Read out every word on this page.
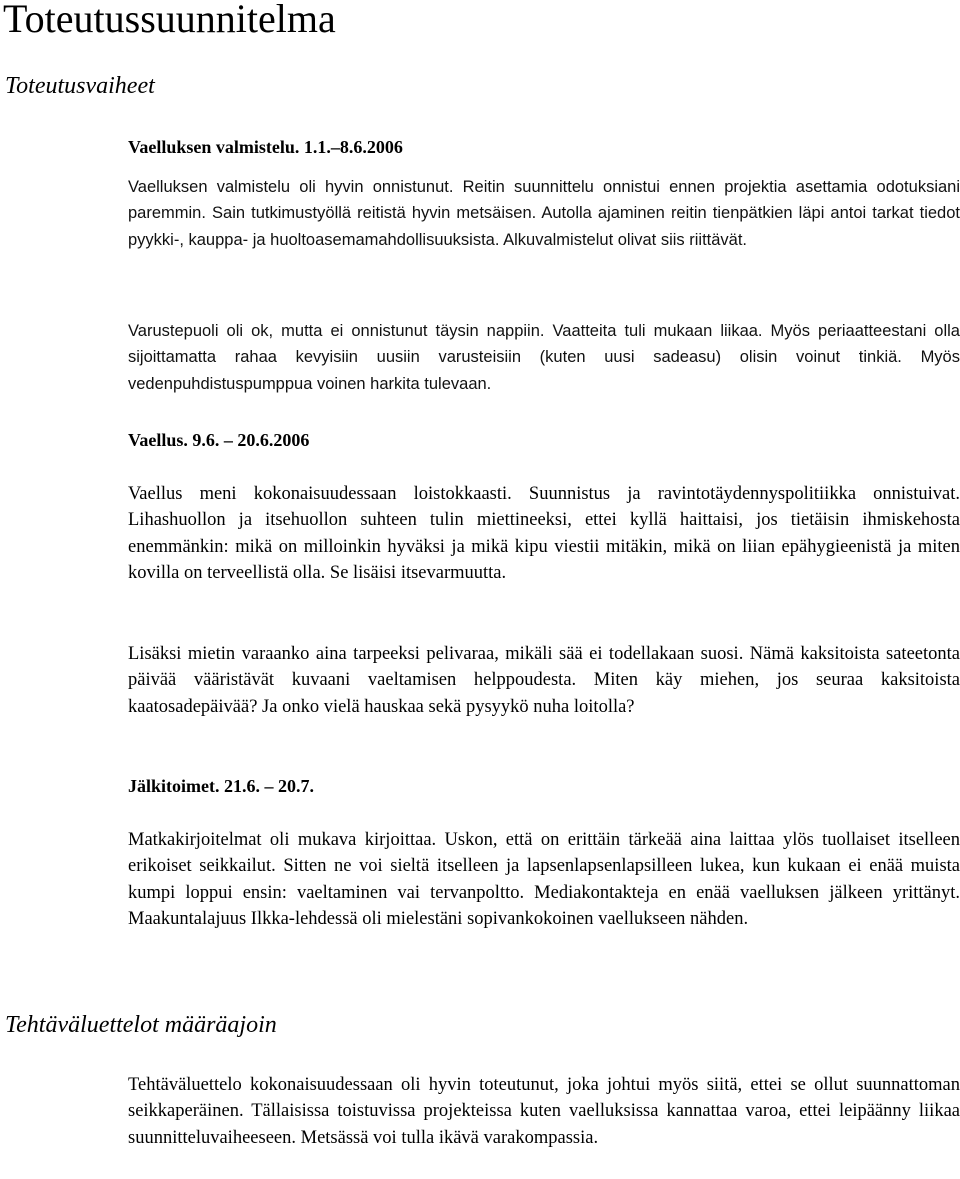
Toteutussuunnitelma
Toteutusvaiheet
Vaelluksen valmistelu. 1.1.–8.6.2006

Vaelluksen valmistelu oli hyvin onnistunut. Reitin suunnittelu onnistui ennen projektia asettamia odotuksiani paremmin. Sain tutkimustyöllä reitistä hyvin metsäisen. Autolla ajaminen reitin tienpätkien läpi antoi tarkat tiedot pyykki-, kauppa- ja huoltoasemamahdollisuuksista. Alkuvalmistelut olivat siis riittävät.

Varustepuoli oli ok, mutta ei onnistunut täysin nappiin. Vaatteita tuli mukaan liikaa. Myös periaatteestani olla sijoittamatta rahaa kevyisiin uusiin varusteisiin (kuten uusi sadeasu) olisin voinut tinkiä. Myös vedenpuhdistuspumppua voinen harkita tulevaan.

Vaellus. 9.6. – 20.6.2006

Vaellus meni kokonaisuudessaan loistokkaasti. Suunnistus ja ravintotäydennyspolitiikka onnistuivat. Lihashuollon ja itsehuollon suhteen tulin miettineeksi, ettei kyllä haittaisi, jos tietäisin ihmiskehosta enemmänkin: mikä on milloinkin hyväksi ja mikä kipu viestii mitäkin, mikä on liian epähygieenistä ja miten kovilla on terveellistä olla. Se lisäisi itsevarmuutta.

Lisäksi mietin varaanko aina tarpeeksi pelivaraa, mikäli sää ei todellakaan suosi. Nämä kaksitoista sateetonta päivää vääristävät kuvaani vaeltamisen helppoudesta. Miten käy miehen, jos seuraa kaksitoista kaatosadepäivää? Ja onko vielä hauskaa sekä pysyykö nuha loitolla?

Jälkitoimet. 21.6. – 20.7.

Matkakirjoitelmat oli mukava kirjoittaa. Uskon, että on erittäin tärkeää aina laittaa ylös tuollaiset itselleen erikoiset seikkailut. Sitten ne voi sieltä itselleen ja lapsenlapsenlapsilleen lukea, kun kukaan ei enää muista kumpi loppui ensin: vaeltaminen vai tervanpoltto. Mediakontakteja en enää vaelluksen jälkeen yrittänyt. Maakuntalajuus Ilkka-lehdessä oli mielestäni sopivankokoinen vaellukseen nähden.

Tehtäväluettelot määräajoin

Tehtäväluettelo kokonaisuudessaan oli hyvin toteutunut, joka johtui myös siitä, ettei se ollut suunnattoman seikkaperäinen. Tällaisissa toistuvissa projekteissa kuten vaelluksissa kannattaa varoa, ettei leipäänny liikaa suunnitteluvaiheeseen. Metsässä voi tulla ikävä varakompassia.
